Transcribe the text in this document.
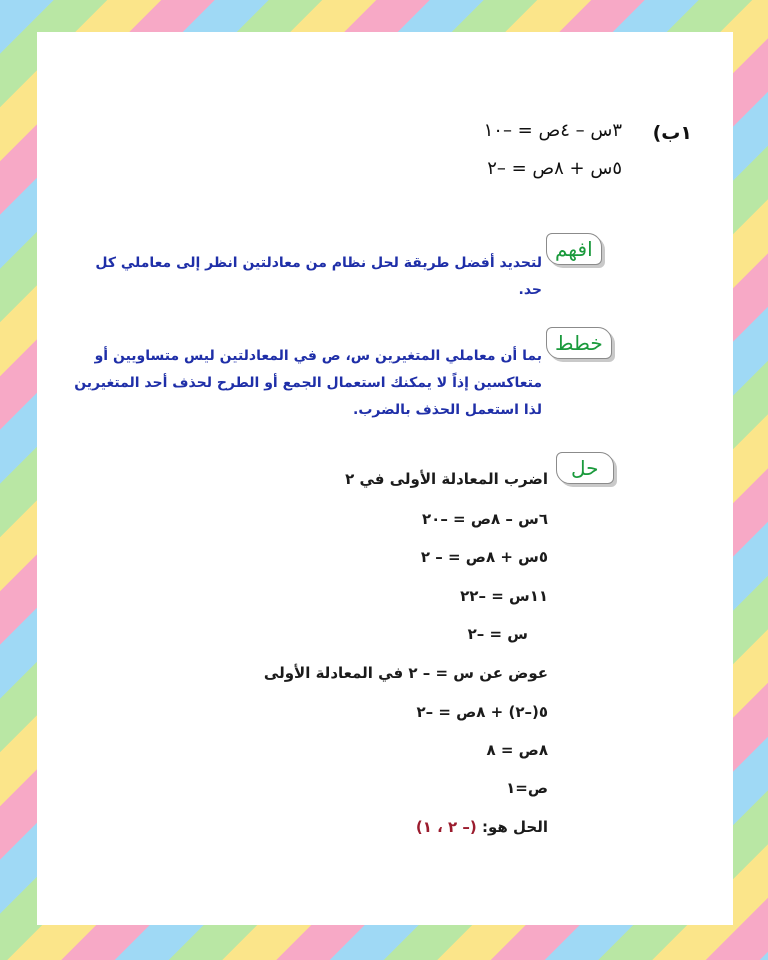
١ب)
٣س – ٤ص = –١٠
٥س + ٨ص = –٢
افهم
لتحديد أفضل طريقة لحل نظام من معادلتين انظر إلى معاملي كل حد.
خطط
بما أن معاملي المتغيرين س، ص في المعادلتين ليس متساويين أو متعاكسين إذاً لا يمكنك استعمال الجمع أو الطرح لحذف أحد المتغيرين لذا استعمل الحذف بالضرب.
حل
اضرب المعادلة الأولى في ٢
٦س – ٨ص = –٢٠
٥س + ٨ص = – ٢
١١س = –٢٢
س = –٢
عوض عن س = – ٢ في المعادلة الأولى
٥(–٢) + ٨ص = –٢
٨ص = ٨
ص=١
الحل هو: (– ٢ ، ١)
